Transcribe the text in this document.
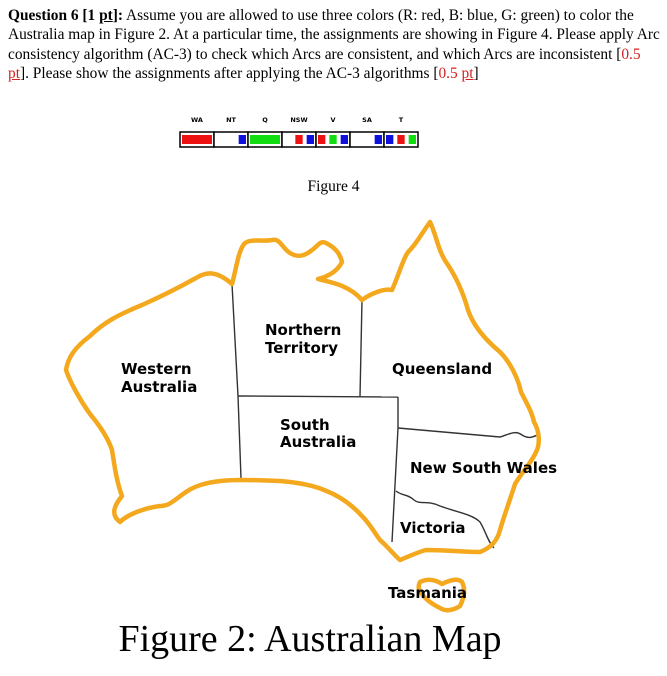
Question 6 [1 pt]: Assume you are allowed to use three colors (R: red, B: blue, G: green) to color the Australia map in Figure 2. At a particular time, the assignments are showing in Figure 4. Please apply Arc consistency algorithm (AC-3) to check which Arcs are consistent, and which Arcs are inconsistent [0.5 pt]. Please show the assignments after applying the AC-3 algorithms [0.5 pt]

WA	NT	Q	NSW	V	SA	T

Figure 4

Western
Australia
Northern
Territory
Queensland
South
Australia
New South Wales
Victoria
Tasmania

Figure 2: Australian Map
